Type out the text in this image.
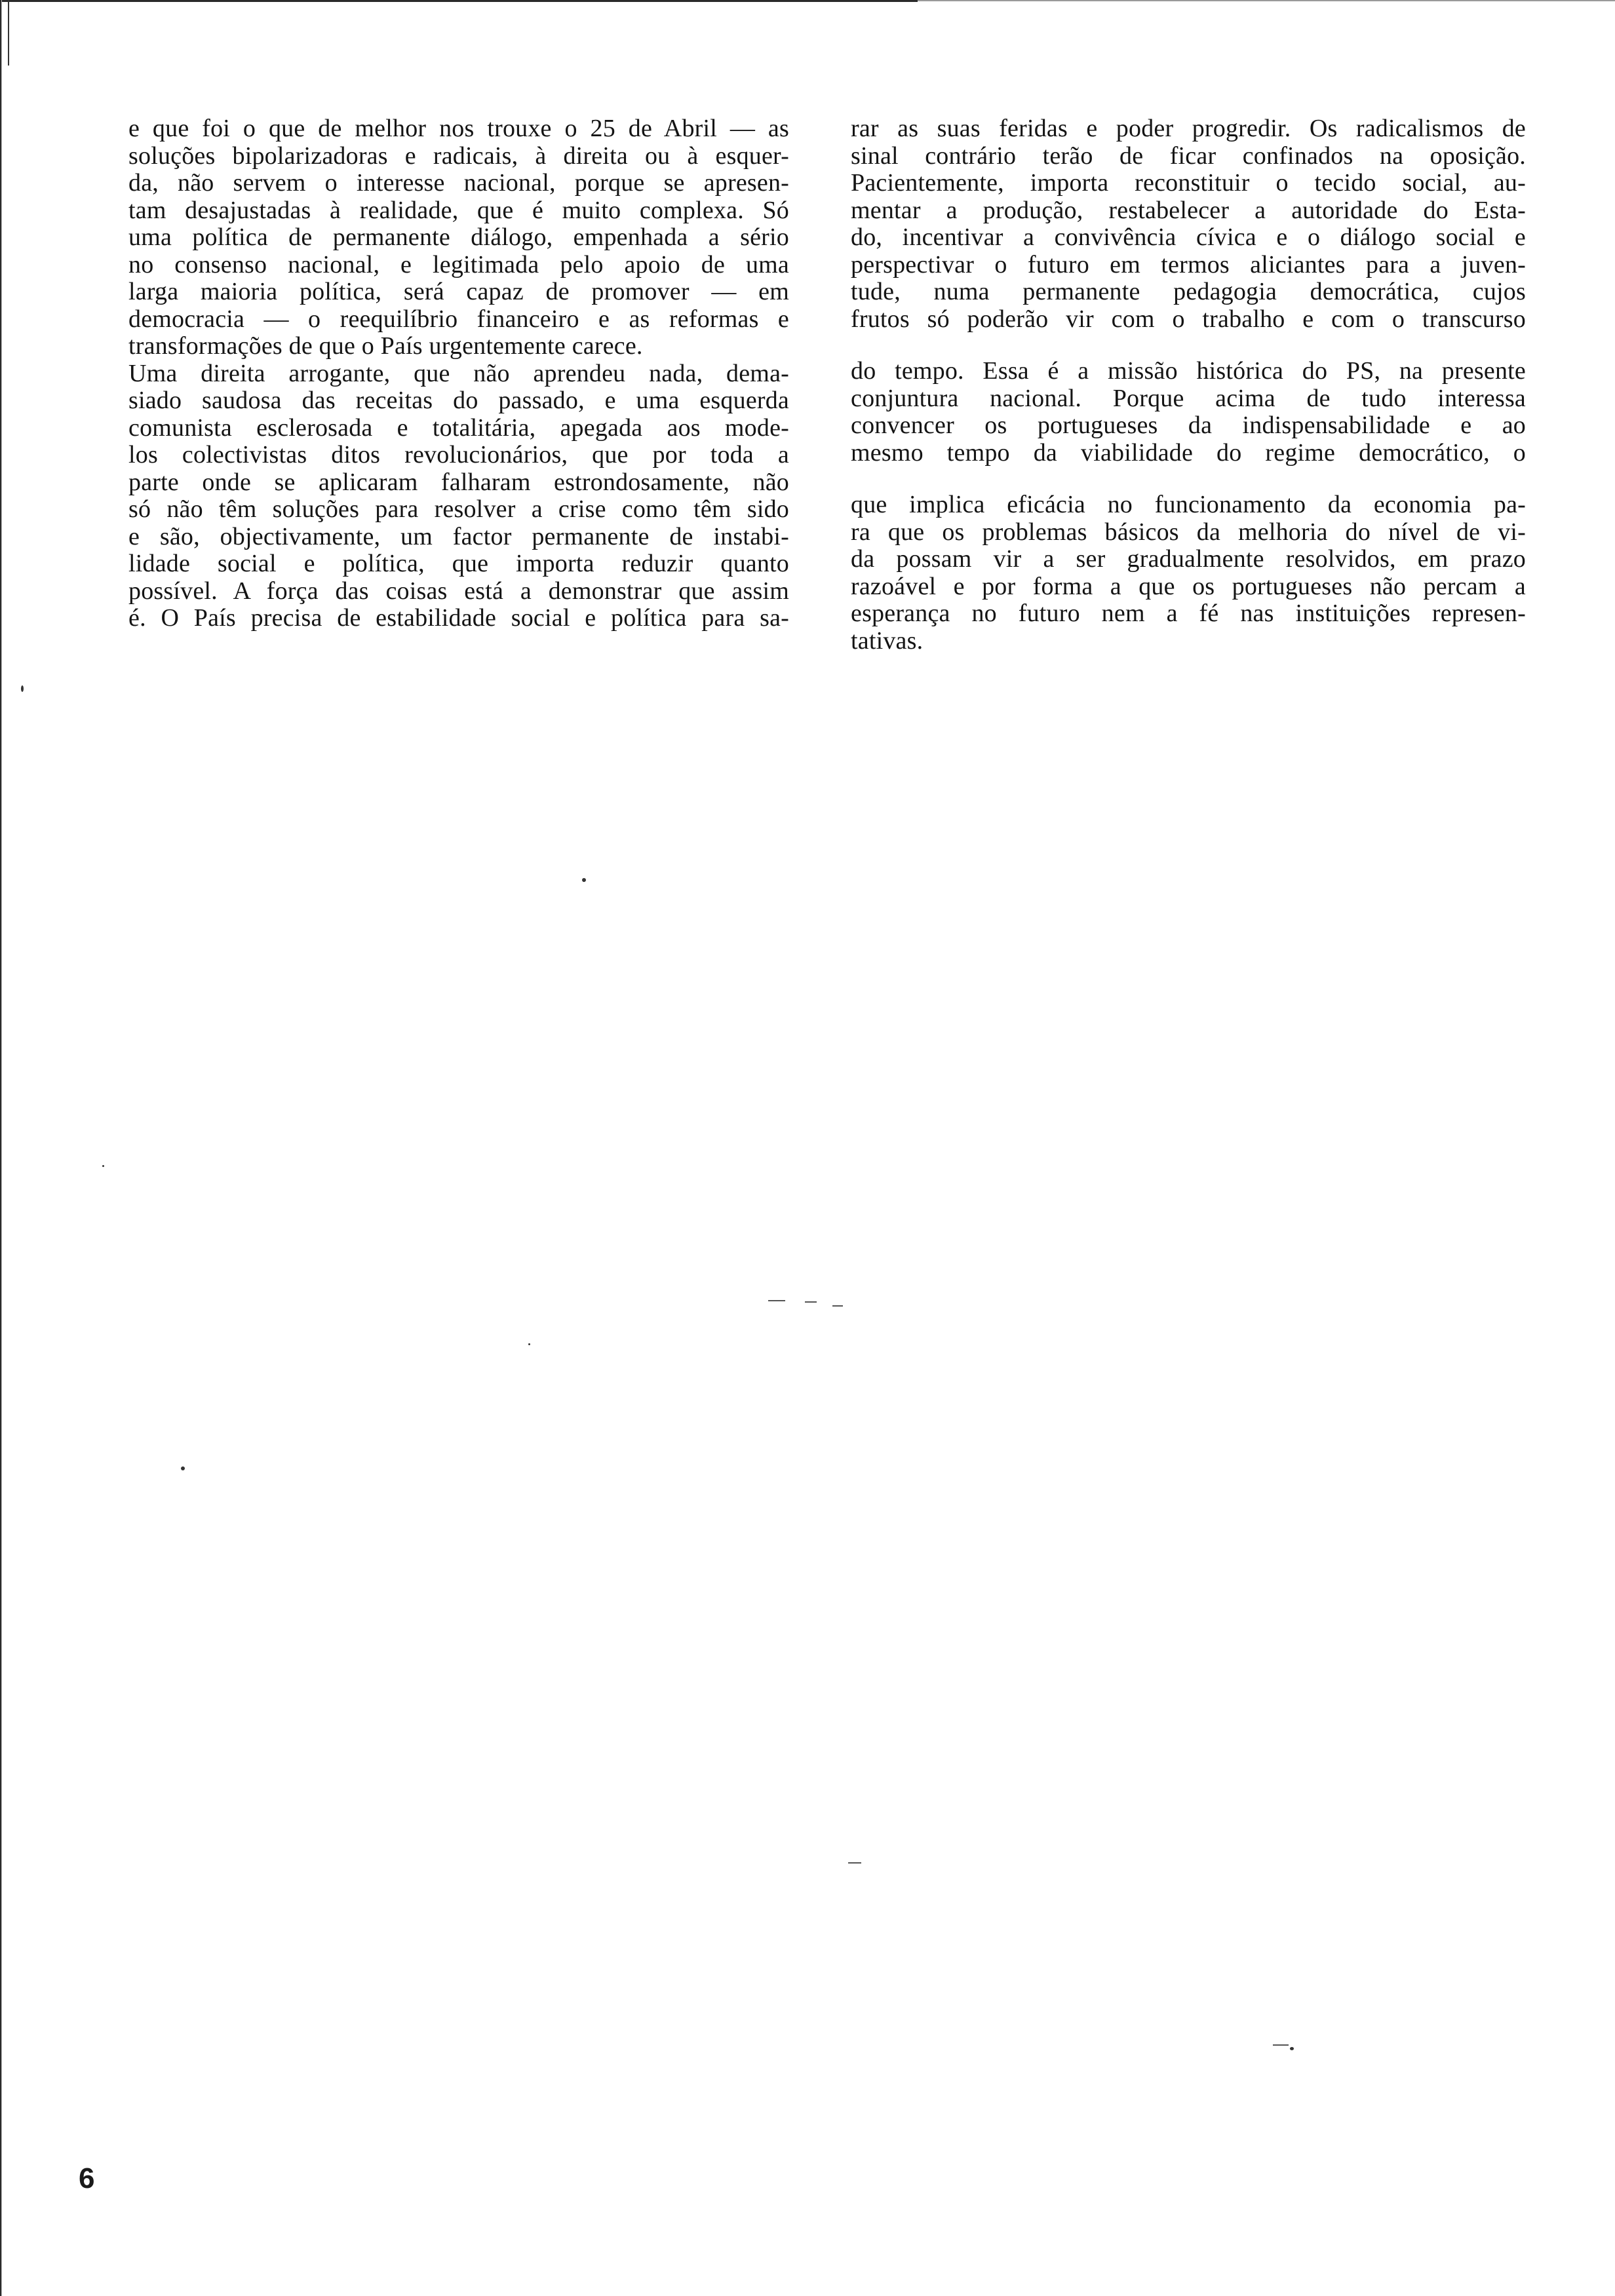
e que foi o que de melhor nos trouxe o 25 de Abril — as
soluções bipolarizadoras e radicais, à direita ou à esquer-
da, não servem o interesse nacional, porque se apresen-
tam desajustadas à realidade, que é muito complexa. Só
uma política de permanente diálogo, empenhada a sério
no consenso nacional, e legitimada pelo apoio de uma
larga maioria política, será capaz de promover — em
democracia — o reequilíbrio financeiro e as reformas e
transformações de que o País urgentemente carece.
Uma direita arrogante, que não aprendeu nada, dema-
siado saudosa das receitas do passado, e uma esquerda
comunista esclerosada e totalitária, apegada aos mode-
los colectivistas ditos revolucionários, que por toda a
parte onde se aplicaram falharam estrondosamente, não
só não têm soluções para resolver a crise como têm sido
e são, objectivamente, um factor permanente de instabi-
lidade social e política, que importa reduzir quanto
possível. A força das coisas está a demonstrar que assim
é. O País precisa de estabilidade social e política para sa-
rar as suas feridas e poder progredir. Os radicalismos de
sinal contrário terão de ficar confinados na oposição.
Pacientemente, importa reconstituir o tecido social, au-
mentar a produção, restabelecer a autoridade do Esta-
do, incentivar a convivência cívica e o diálogo social e
perspectivar o futuro em termos aliciantes para a juven-
tude, numa permanente pedagogia democrática, cujos
frutos só poderão vir com o trabalho e com o transcurso
do tempo. Essa é a missão histórica do PS, na presente
conjuntura nacional. Porque acima de tudo interessa
convencer os portugueses da indispensabilidade e ao
mesmo tempo da viabilidade do regime democrático, o
que implica eficácia no funcionamento da economia pa-
ra que os problemas básicos da melhoria do nível de vi-
da possam vir a ser gradualmente resolvidos, em prazo
razoável e por forma a que os portugueses não percam a
esperança no futuro nem a fé nas instituições represen-
tativas.
6
